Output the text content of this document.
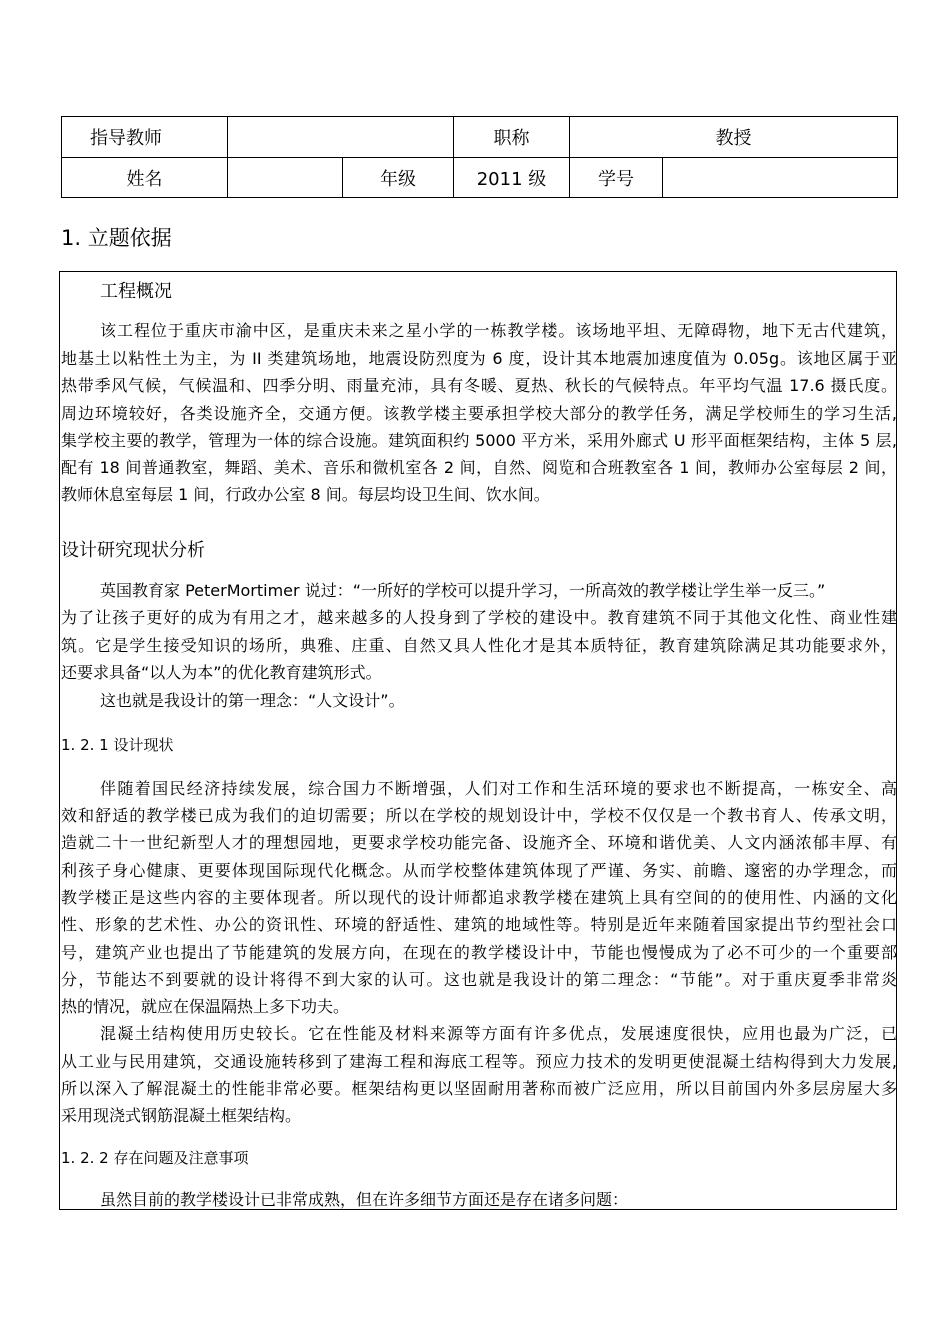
指导教师			职称	教授	
姓名		年级	2011 级	学号	
1. 立题依据
工程概况
该工程位于重庆市渝中区，是重庆未来之星小学的一栋教学楼。该场地平坦、无障碍物，地下无古代建筑，
地基土以粘性土为主，为 II 类建筑场地，地震设防烈度为 6 度，设计其本地震加速度值为 0.05g。该地区属于亚
热带季风气候，气候温和、四季分明、雨量充沛，具有冬暖、夏热、秋长的气候特点。年平均气温 17.6 摄氏度。
周边环境较好，各类设施齐全，交通方便。该教学楼主要承担学校大部分的教学任务，满足学校师生的学习生活,
集学校主要的教学，管理为一体的综合设施。建筑面积约 5000 平方米，采用外廊式 U 形平面框架结构，主体 5 层,
配有 18 间普通教室，舞蹈、美术、音乐和微机室各 2 间，自然、阅览和合班教室各 1 间，教师办公室每层 2 间，
教师休息室每层 1 间，行政办公室 8 间。每层均设卫生间、饮水间。
设计研究现状分析
英国教育家 PeterMortimer 说过：“一所好的学校可以提升学习，一所高效的教学楼让学生举一反三。”
为了让孩子更好的成为有用之才，越来越多的人投身到了学校的建设中。教育建筑不同于其他文化性、商业性建
筑。它是学生接受知识的场所，典雅、庄重、自然又具人性化才是其本质特征，教育建筑除满足其功能要求外，
还要求具备“以人为本”的优化教育建筑形式。
这也就是我设计的第一理念：“人文设计”。
1. 2. 1 设计现状
伴随着国民经济持续发展，综合国力不断增强，人们对工作和生活环境的要求也不断提高，一栋安全、高
效和舒适的教学楼已成为我们的迫切需要；所以在学校的规划设计中，学校不仅仅是一个教书育人、传承文明，
造就二十一世纪新型人才的理想园地，更要求学校功能完备、设施齐全、环境和谐优美、人文内涵浓郁丰厚、有
利孩子身心健康、更要体现国际现代化概念。从而学校整体建筑体现了严谨、务实、前瞻、邃密的办学理念，而
教学楼正是这些内容的主要体现者。所以现代的设计师都追求教学楼在建筑上具有空间的的使用性、内涵的文化
性、形象的艺术性、办公的资讯性、环境的舒适性、建筑的地域性等。特别是近年来随着国家提出节约型社会口
号，建筑产业也提出了节能建筑的发展方向，在现在的教学楼设计中，节能也慢慢成为了必不可少的一个重要部
分，节能达不到要就的设计将得不到大家的认可。这也就是我设计的第二理念：“节能”。对于重庆夏季非常炎
热的情况，就应在保温隔热上多下功夫。
混凝土结构使用历史较长。它在性能及材料来源等方面有许多优点，发展速度很快，应用也最为广泛，已
从工业与民用建筑，交通设施转移到了建海工程和海底工程等。预应力技术的发明更使混凝土结构得到大力发展,
所以深入了解混凝土的性能非常必要。框架结构更以坚固耐用著称而被广泛应用，所以目前国内外多层房屋大多
采用现浇式钢筋混凝土框架结构。
1. 2. 2 存在问题及注意事项
虽然目前的教学楼设计已非常成熟，但在许多细节方面还是存在诸多问题：
